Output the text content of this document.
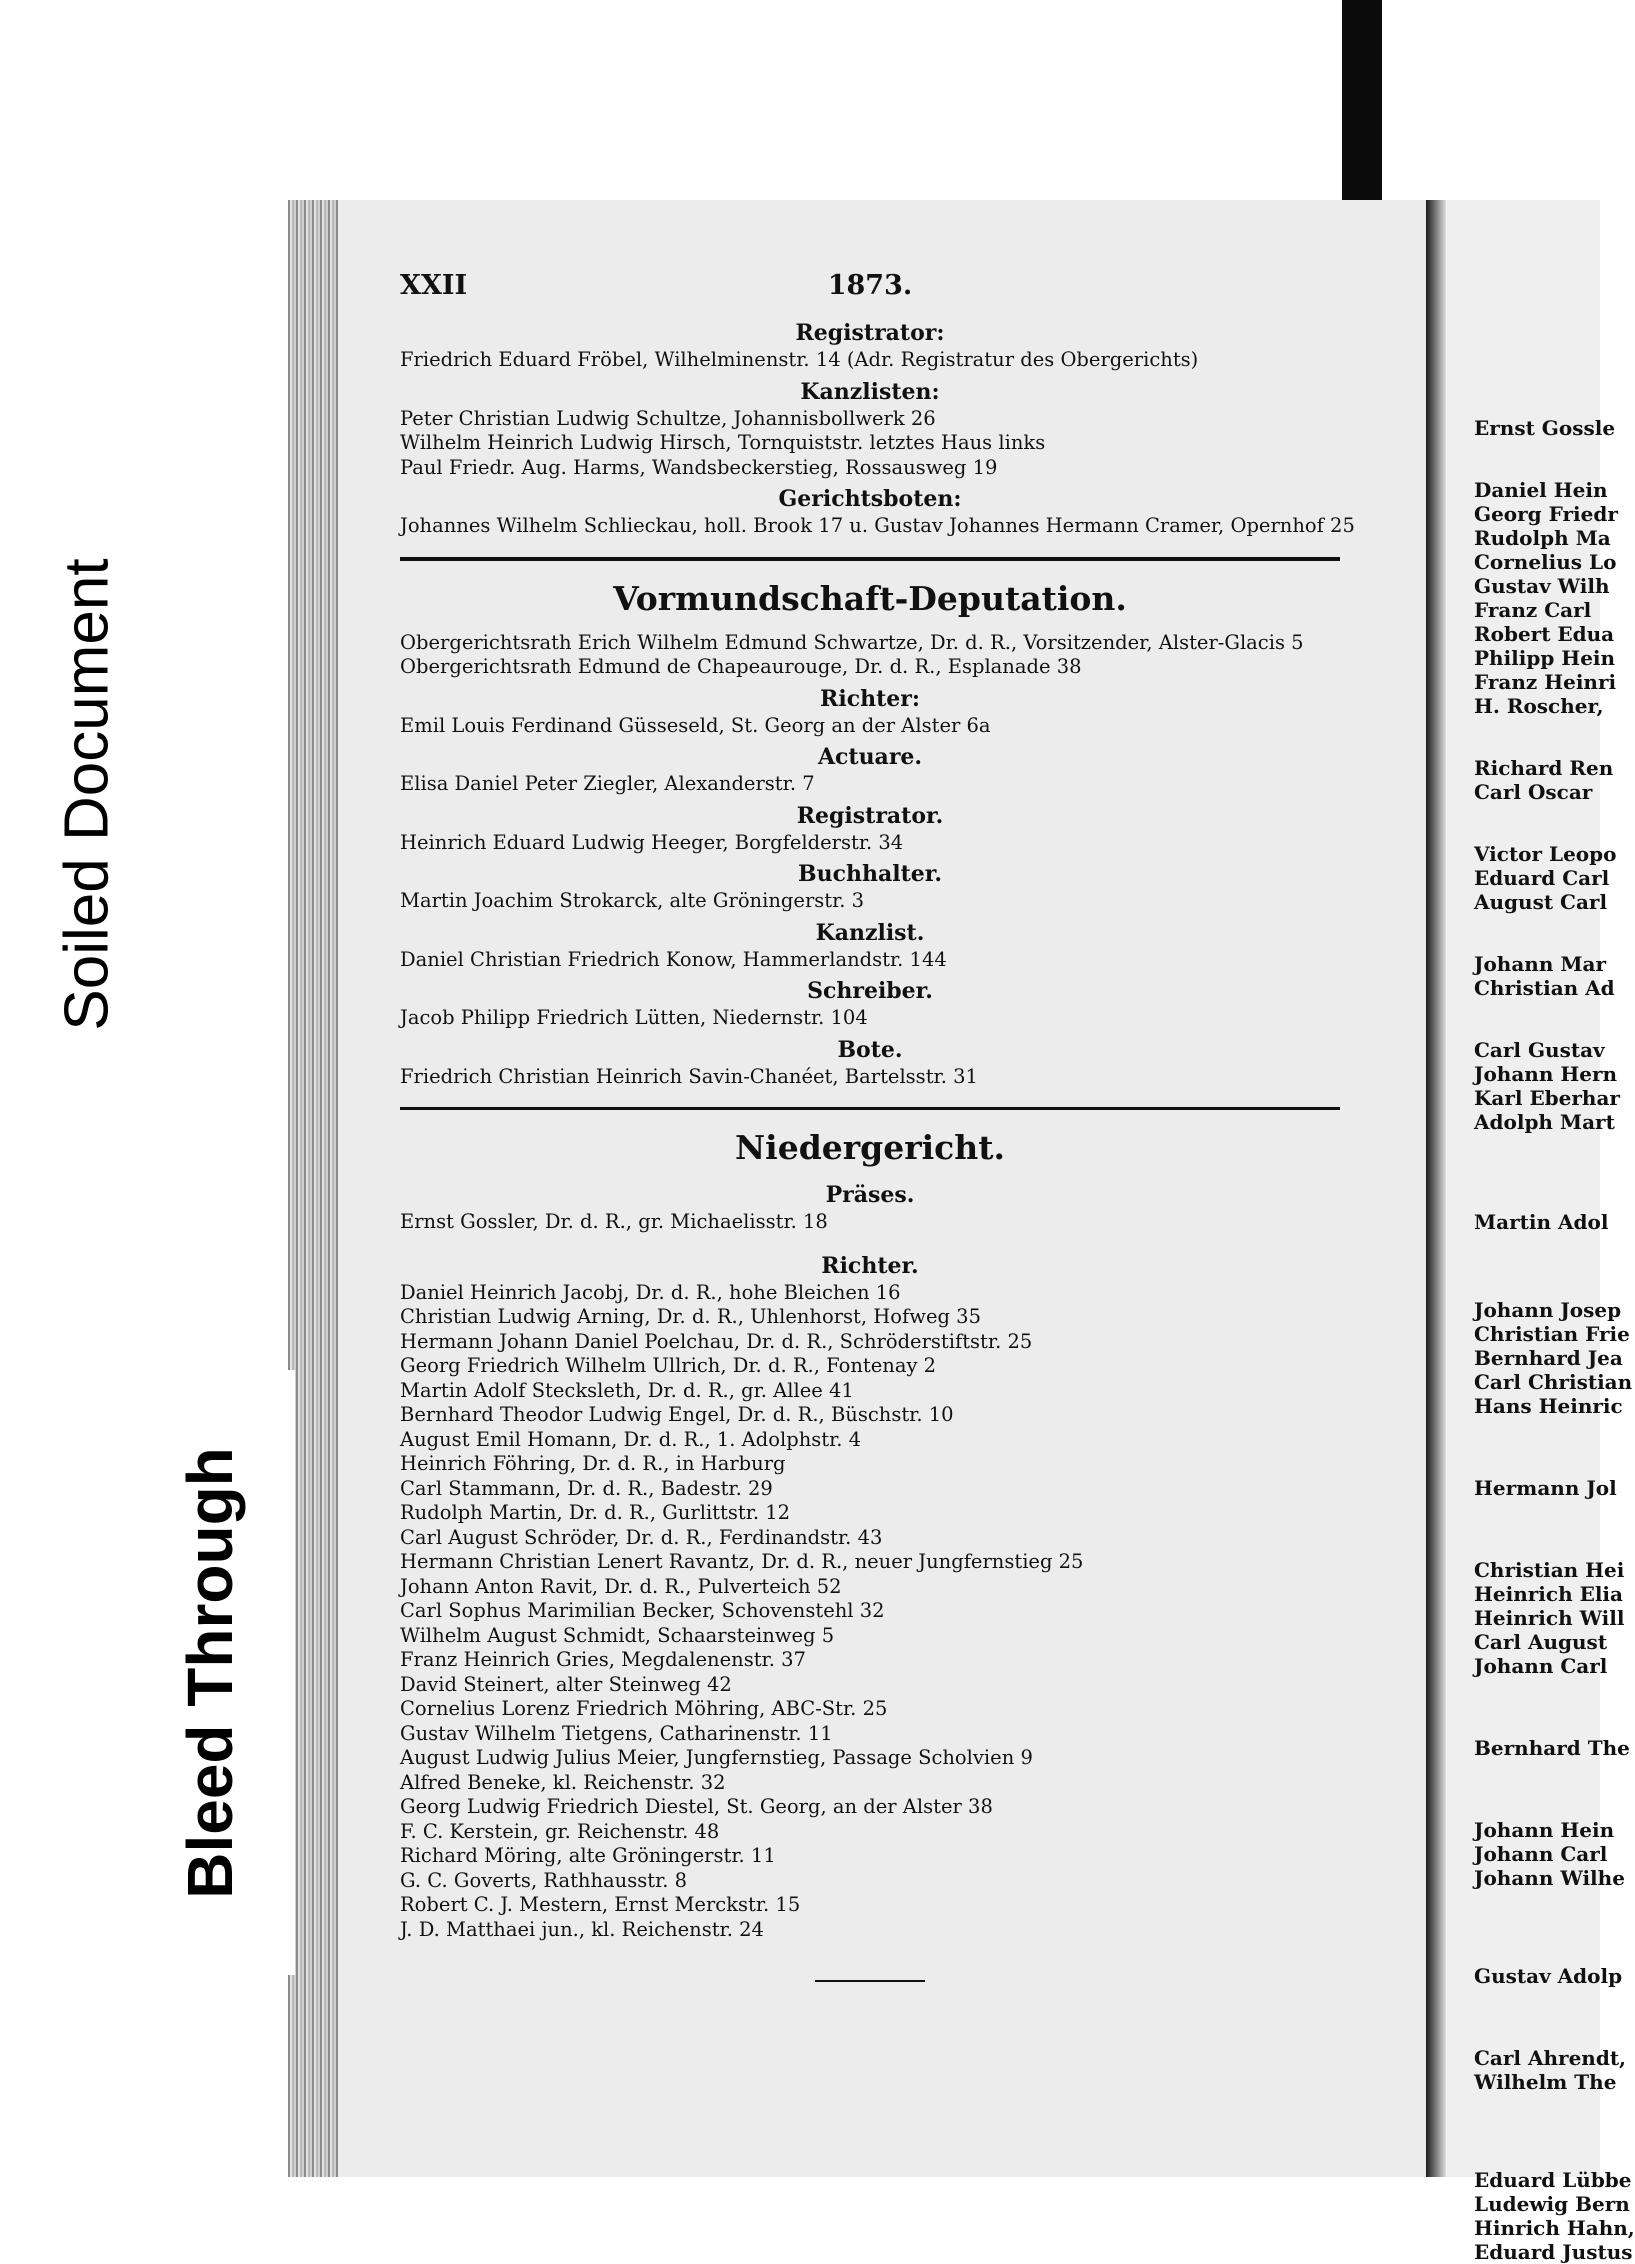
Ernst Gossle
Daniel Hein
Georg Friedr
Rudolph Ma
Cornelius Lo
Gustav Wilh
Franz Carl
Robert Edua
Philipp Hein
Franz Heinri
H. Roscher,
Richard Ren
Carl Oscar
Victor Leopo
Eduard Carl
August Carl
Johann Mar
Christian Ad
Carl Gustav
Johann Hern
Karl Eberhar
Adolph Mart
Martin Adol
Johann Josep
Christian Frie
Bernhard Jea
Carl Christian
Hans Heinric
Hermann Jol
Christian Hei
Heinrich Elia
Heinrich Will
Carl August
Johann Carl
Bernhard The
Johann Hein
Johann Carl
Johann Wilhe
Gustav Adolp
Carl Ahrendt,
Wilhelm The
Eduard Lübbe
Ludewig Bern
Hinrich Hahn,
Eduard Justus
Soiled Document
Bleed Through
XXII	1873.
Registrator:
Friedrich Eduard Fröbel, Wilhelminenstr. 14 (Adr. Registratur des Obergerichts)
Kanzlisten:
Peter Christian Ludwig Schultze, Johannisbollwerk 26
Wilhelm Heinrich Ludwig Hirsch, Tornquiststr. letztes Haus links
Paul Friedr. Aug. Harms, Wandsbeckerstieg, Rossausweg 19
Gerichtsboten:
Johannes Wilhelm Schlieckau, holl. Brook 17 u. Gustav Johannes Hermann Cramer, Opernhof 25
Vormundschaft-Deputation.
Obergerichtsrath Erich Wilhelm Edmund Schwartze, Dr. d. R., Vorsitzender, Alster-Glacis 5
Obergerichtsrath Edmund de Chapeaurouge, Dr. d. R., Esplanade 38
Richter:
Emil Louis Ferdinand Güsseseld, St. Georg an der Alster 6a
Actuare.
Elisa Daniel Peter Ziegler, Alexanderstr. 7
Registrator.
Heinrich Eduard Ludwig Heeger, Borgfelderstr. 34
Buchhalter.
Martin Joachim Strokarck, alte Gröningerstr. 3
Kanzlist.
Daniel Christian Friedrich Konow, Hammerlandstr. 144
Schreiber.
Jacob Philipp Friedrich Lütten, Niedernstr. 104
Bote.
Friedrich Christian Heinrich Savin-Chanéet, Bartelsstr. 31
Niedergericht.
Präses.
Ernst Gossler, Dr. d. R., gr. Michaelisstr. 18
Richter.
Daniel Heinrich Jacobj, Dr. d. R., hohe Bleichen 16
Christian Ludwig Arning, Dr. d. R., Uhlenhorst, Hofweg 35
Hermann Johann Daniel Poelchau, Dr. d. R., Schröderstiftstr. 25
Georg Friedrich Wilhelm Ullrich, Dr. d. R., Fontenay 2
Martin Adolf Stecksleth, Dr. d. R., gr. Allee 41
Bernhard Theodor Ludwig Engel, Dr. d. R., Büschstr. 10
August Emil Homann, Dr. d. R., 1. Adolphstr. 4
Heinrich Föhring, Dr. d. R., in Harburg
Carl Stammann, Dr. d. R., Badestr. 29
Rudolph Martin, Dr. d. R., Gurlittstr. 12
Carl August Schröder, Dr. d. R., Ferdinandstr. 43
Hermann Christian Lenert Ravantz, Dr. d. R., neuer Jungfernstieg 25
Johann Anton Ravit, Dr. d. R., Pulverteich 52
Carl Sophus Marimilian Becker, Schovenstehl 32
Wilhelm August Schmidt, Schaarsteinweg 5
Franz Heinrich Gries, Megdalenenstr. 37
David Steinert, alter Steinweg 42
Cornelius Lorenz Friedrich Möhring, ABC-Str. 25
Gustav Wilhelm Tietgens, Catharinenstr. 11
August Ludwig Julius Meier, Jungfernstieg, Passage Scholvien 9
Alfred Beneke, kl. Reichenstr. 32
Georg Ludwig Friedrich Diestel, St. Georg, an der Alster 38
F. C. Kerstein, gr. Reichenstr. 48
Richard Möring, alte Gröningerstr. 11
G. C. Goverts, Rathhausstr. 8
Robert C. J. Mestern, Ernst Merckstr. 15
J. D. Matthaei jun., kl. Reichenstr. 24
